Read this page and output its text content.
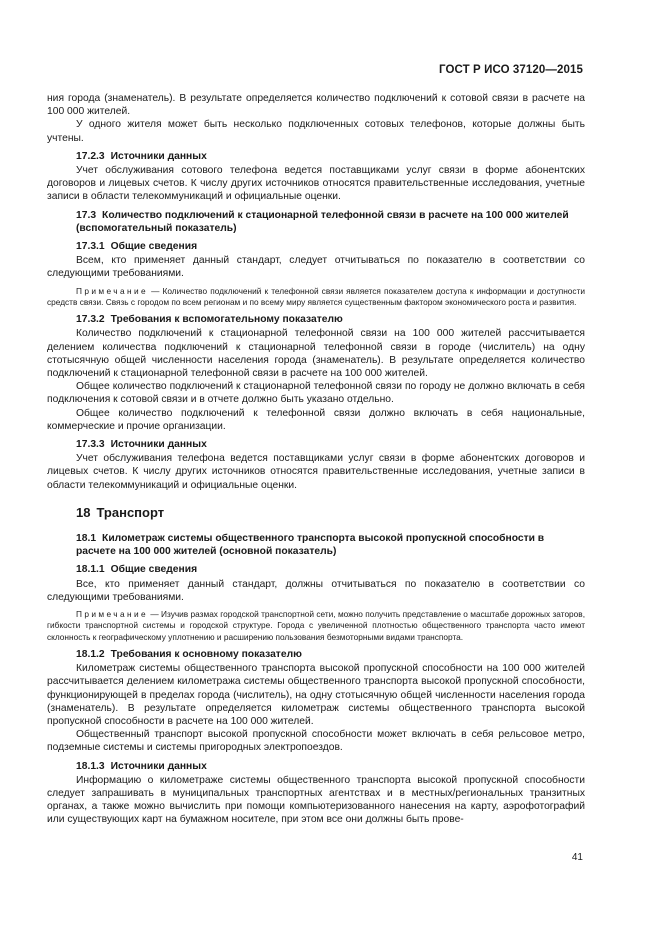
ГОСТ Р ИСО 37120—2015

ния города (знаменатель). В результате определяется количество подключений к сотовой связи в расчете на 100 000 жителей.

У одного жителя может быть несколько подключенных сотовых телефонов, которые должны быть учтены.

17.2.3 Источники данных

Учет обслуживания сотового телефона ведется поставщиками услуг связи в форме абонентских договоров и лицевых счетов. К числу других источников относятся правительственные исследования, учетные записи в области телекоммуникаций и официальные оценки.

17.3 Количество подключений к стационарной телефонной связи в расчете на 100 000 жителей (вспомогательный показатель)

17.3.1 Общие сведения

Всем, кто применяет данный стандарт, следует отчитываться по показателю в соответствии со следующими требованиями.

Примечание — Количество подключений к телефонной связи является показателем доступа к информации и доступности средств связи. Связь с городом по всем регионам и по всему миру является существенным фактором экономического роста и развития.

17.3.2 Требования к вспомогательному показателю

Количество подключений к стационарной телефонной связи на 100 000 жителей рассчитывается делением количества подключений к стационарной телефонной связи в городе (числитель) на одну стотысячную общей численности населения города (знаменатель). В результате определяется количество подключений к стационарной телефонной связи в расчете на 100 000 жителей.

Общее количество подключений к стационарной телефонной связи по городу не должно включать в себя подключения к сотовой связи и в отчете должно быть указано отдельно.

Общее количество подключений к телефонной связи должно включать в себя национальные, коммерческие и прочие организации.

17.3.3 Источники данных

Учет обслуживания телефона ведется поставщиками услуг связи в форме абонентских договоров и лицевых счетов. К числу других источников относятся правительственные исследования, учетные записи в области телекоммуникаций и официальные оценки.

18 Транспорт

18.1 Километраж системы общественного транспорта высокой пропускной способности в расчете на 100 000 жителей (основной показатель)

18.1.1 Общие сведения

Все, кто применяет данный стандарт, должны отчитываться по показателю в соответствии со следующими требованиями.

Примечание — Изучив размах городской транспортной сети, можно получить представление о масштабе дорожных заторов, гибкости транспортной системы и городской структуре. Города с увеличенной плотностью общественного транспорта часто имеют склонность к географическому уплотнению и расширению пользования безмоторными видами транспорта.

18.1.2 Требования к основному показателю

Километраж системы общественного транспорта высокой пропускной способности на 100 000 жителей рассчитывается делением километража системы общественного транспорта высокой пропускной способности, функционирующей в пределах города (числитель), на одну стотысячную общей численности населения города (знаменатель). В результате определяется километраж системы общественного транспорта высокой пропускной способности в расчете на 100 000 жителей.

Общественный транспорт высокой пропускной способности может включать в себя рельсовое метро, подземные системы и системы пригородных электропоездов.

18.1.3 Источники данных

Информацию о километраже системы общественного транспорта высокой пропускной способности следует запрашивать в муниципальных транспортных агентствах и в местных/региональных транзитных органах, а также можно вычислить при помощи компьютеризованного нанесения на карту, аэрофотографий или существующих карт на бумажном носителе, при этом все они должны быть прове-

41
